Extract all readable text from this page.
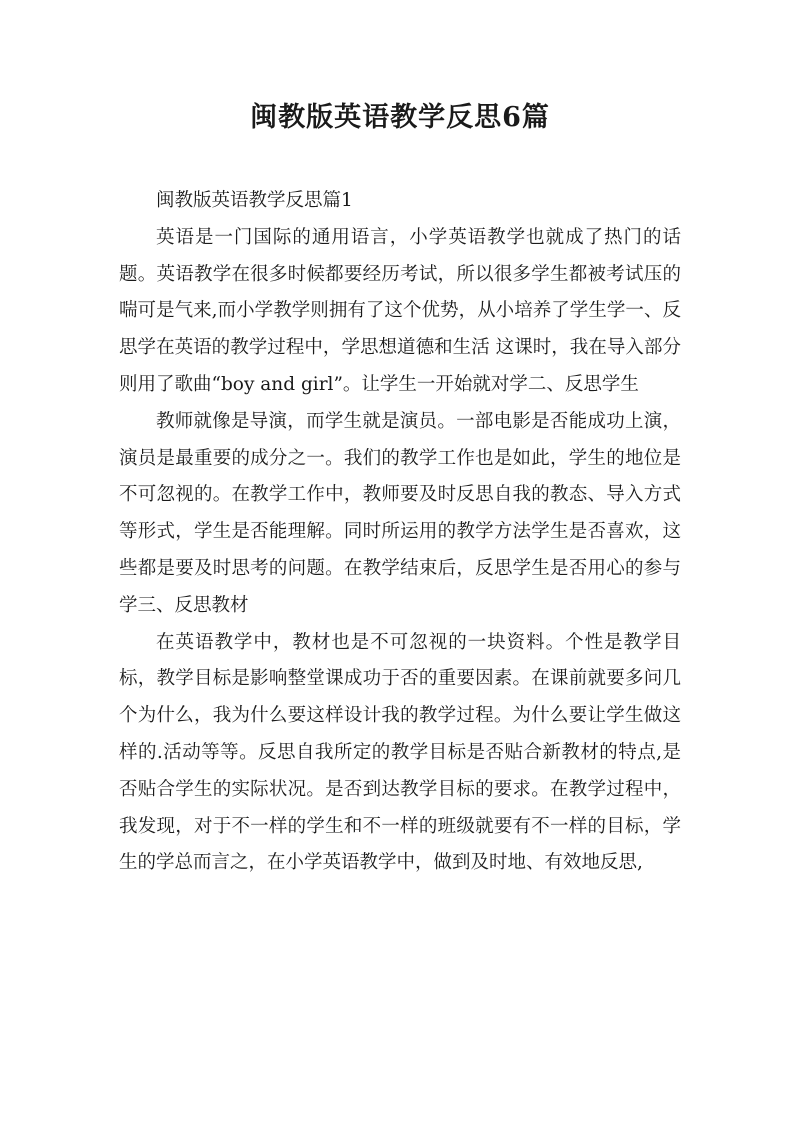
闽教版英语教学反思6篇

闽教版英语教学反思篇1

英语是一门国际的通用语言，小学英语教学也就成了热门的话题。英语教学在很多时候都要经历考试，所以很多学生都被考试压的喘可是气来,而小学教学则拥有了这个优势，从小培养了学生学一、反思学在英语的教学过程中，学思想道德和生活 这课时，我在导入部分则用了歌曲“boy and girl”。让学生一开始就对学二、反思学生

教师就像是导演，而学生就是演员。一部电影是否能成功上演，演员是最重要的成分之一。我们的教学工作也是如此，学生的地位是不可忽视的。在教学工作中，教师要及时反思自我的教态、导入方式等形式，学生是否能理解。同时所运用的教学方法学生是否喜欢，这些都是要及时思考的问题。在教学结束后，反思学生是否用心的参与学三、反思教材

在英语教学中，教材也是不可忽视的一块资料。个性是教学目标，教学目标是影响整堂课成功于否的重要因素。在课前就要多问几个为什么，我为什么要这样设计我的教学过程。为什么要让学生做这样的.活动等等。反思自我所定的教学目标是否贴合新教材的特点,是否贴合学生的实际状况。是否到达教学目标的要求。在教学过程中，我发现，对于不一样的学生和不一样的班级就要有不一样的目标，学生的学总而言之，在小学英语教学中，做到及时地、有效地反思,
